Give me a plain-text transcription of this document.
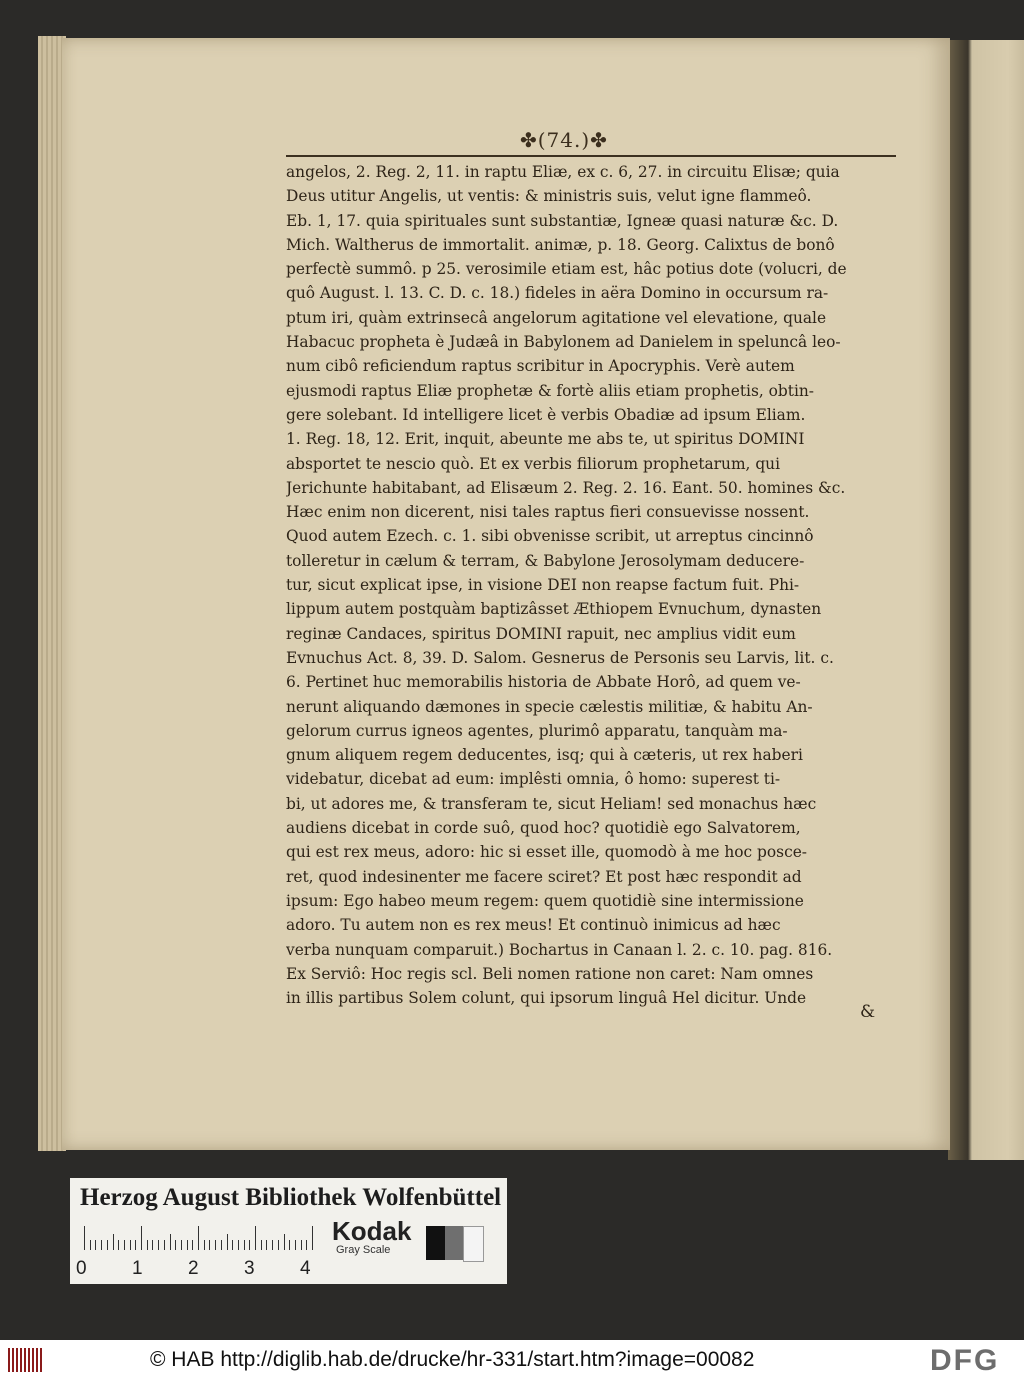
✤(74.)✤
angelos, 2. Reg. 2, 11. in raptu Eliæ, ex c. 6, 27. in circuitu Elisæ; quia
Deus utitur Angelis, ut ventis: & ministris suis, velut igne flammeô.
Eb. 1, 17. quia spirituales sunt substantiæ, Igneæ quasi naturæ &c. D.
Mich. Waltherus de immortalit. animæ, p. 18. Georg. Calixtus de bonô
perfectè summô. p 25. verosimile etiam est, hâc potius dote (volucri, de
quô August. l. 13. C. D. c. 18.) fideles in aëra Domino in occursum ra-
ptum iri, quàm extrinsecâ angelorum agitatione vel elevatione, quale
Habacuc propheta è Judæâ in Babylonem ad Danielem in speluncâ leo-
num cibô reficiendum raptus scribitur in Apocryphis. Verè autem
ejusmodi raptus Eliæ prophetæ & fortè aliis etiam prophetis, obtin-
gere solebant. Id intelligere licet è verbis Obadiæ ad ipsum Eliam.
1. Reg. 18, 12. Erit, inquit, abeunte me abs te, ut spiritus DOMINI
absportet te nescio quò. Et ex verbis filiorum prophetarum, qui
Jerichunte habitabant, ad Elisæum 2. Reg. 2. 16. Eant. 50. homines &c.
Hæc enim non dicerent, nisi tales raptus fieri consuevisse nossent.
Quod autem Ezech. c. 1. sibi obvenisse scribit, ut arreptus cincinnô
tolleretur in cælum & terram, & Babylone Jerosolymam deducere-
tur, sicut explicat ipse, in visione DEI non reapse factum fuit. Phi-
lippum autem postquàm baptizâsset Æthiopem Evnuchum, dynasten
reginæ Candaces, spiritus DOMINI rapuit, nec amplius vidit eum
Evnuchus Act. 8, 39. D. Salom. Gesnerus de Personis seu Larvis, lit. c.
6. Pertinet huc memorabilis historia de Abbate Horô, ad quem ve-
nerunt aliquando dæmones in specie cælestis militiæ, & habitu An-
gelorum currus igneos agentes, plurimô apparatu, tanquàm ma-
gnum aliquem regem deducentes, isq; qui à cæteris, ut rex haberi
videbatur, dicebat ad eum: implêsti omnia, ô homo: superest ti-
bi, ut adores me, & transferam te, sicut Heliam! sed monachus hæc
audiens dicebat in corde suô, quod hoc? quotidiè ego Salvatorem,
qui est rex meus, adoro: hic si esset ille, quomodò à me hoc posce-
ret, quod indesinenter me facere sciret? Et post hæc respondit ad
ipsum: Ego habeo meum regem: quem quotidiè sine intermissione
adoro. Tu autem non es rex meus! Et continuò inimicus ad hæc
verba nunquam comparuit.) Bochartus in Canaan l. 2. c. 10. pag. 816.
Ex Serviô: Hoc regis scl. Beli nomen ratione non caret: Nam omnes
in illis partibus Solem colunt, qui ipsorum linguâ Hel dicitur. Unde
&
Herzog August Bibliothek Wolfenbüttel
0 1 2 3 4
Kodak
Gray Scale
© HAB http://diglib.hab.de/drucke/hr-331/start.htm?image=00082	DFG
